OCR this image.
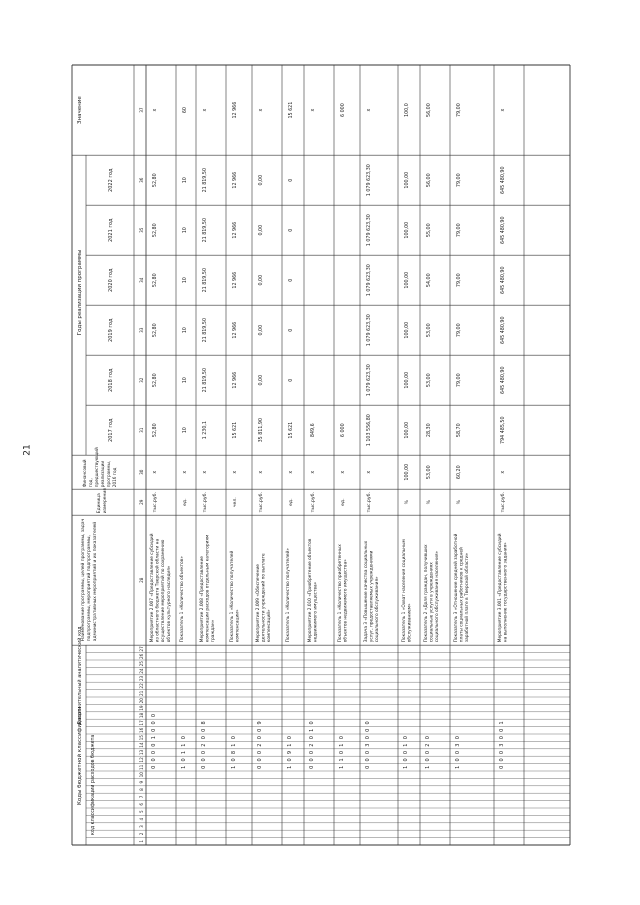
21
Коды бюджетной классификации код классификации расходов бюджета
Дополнительный аналитический код
Наименование программы, целей программы, задач подпрограммы, мероприятий подпрограммы, административных мероприятий и их показателей
Единица измерения
Финансовый год, предшествующий реализации программы, 2016 год
Годы реализации программы
2017 год
2018 год
2019 год
2020 год
2021 год
2022 год
Значение
1
2
3
4
5
6
7
8
9
10
11
12
13
14
15
16
17
18
19
20
21
22
23
24
25
26
27
28
29
30
31
32
33
34
35
36
37
0
0
0
0
1
0
0
0
Мероприятие 2.007 «Предоставление субсидий из областного бюджета Тверской области на осуществление мероприятий по сохранению объектов культурного наследия»
тыс.руб.
x
52,80
52,80
52,80
52,80
52,80
52,80
x
1
0
1
1
0
Показатель 1 «Количество объектов»
ед.
x
10
10
10
10
10
10
60
0
0
0
2
0
0
8
Мероприятие 2.008 «Предоставление компенсации расходов отдельным категориям граждан»
тыс.руб.
x
1 230,1
21 819,50
21 819,50
21 819,50
21 819,50
21 819,50
x
1
0
8
1
0
Показатель 1 «Количество получателей компенсации»
чел.
x
15 621
12 966
12 966
12 966
12 966
12 966
12 966
0
0
0
2
0
0
9
Мероприятие 2.009 «Обеспечение деятельности учреждений по выплате компенсаций»
тыс.руб.
x
35 811,90
0,00
0,00
0,00
0,00
0,00
x
1
0
9
1
0
Показатель 1 «Количество получателей»
ед.
x
15 621
0
0
0
0
0
15 621
0
0
0
2
0
1
0
Мероприятие 2.010 «Приобретение объектов недвижимого имущества»
тыс.руб.
x
849,6
x
1
1
0
1
0
Показатель 1 «Количество приобретенных объектов недвижимого имущества»
ед.
x
6 000
6 000
0
0
0
3
0
0
0
Задача 3 «Повышение качества социальных услуг, предоставляемых учреждениями социального обслуживания»
тыс.руб.
x
1 103 556,80
1 079 623,30
1 079 623,30
1 079 623,30
1 079 623,30
1 079 623,30
x
1
0
0
1
0
Показатель 1 «Охват населения социальным обслуживанием»
%
100,00
100,00
100,00
100,00
100,00
100,00
100,00
100,0
1
0
0
2
0
Показатель 2 «Доля граждан, получивших социальные услуги в учреждениях социального обслуживания населения»
%
53,00
28,30
53,00
53,00
54,00
55,00
56,00
56,00
1
0
0
3
0
Показатель 3 «Отношение средней заработной платы социальных работников к средней заработной плате в Тверской области»
%
60,20
58,70
79,00
79,00
79,00
79,00
79,00
79,00
0
0
0
3
0
0
1
Мероприятие 3.001 «Предоставление субсидий на выполнение государственного задания»
тыс.руб.
x
794 485,50
645 480,90
645 480,90
645 480,90
645 480,90
645 480,90
x
